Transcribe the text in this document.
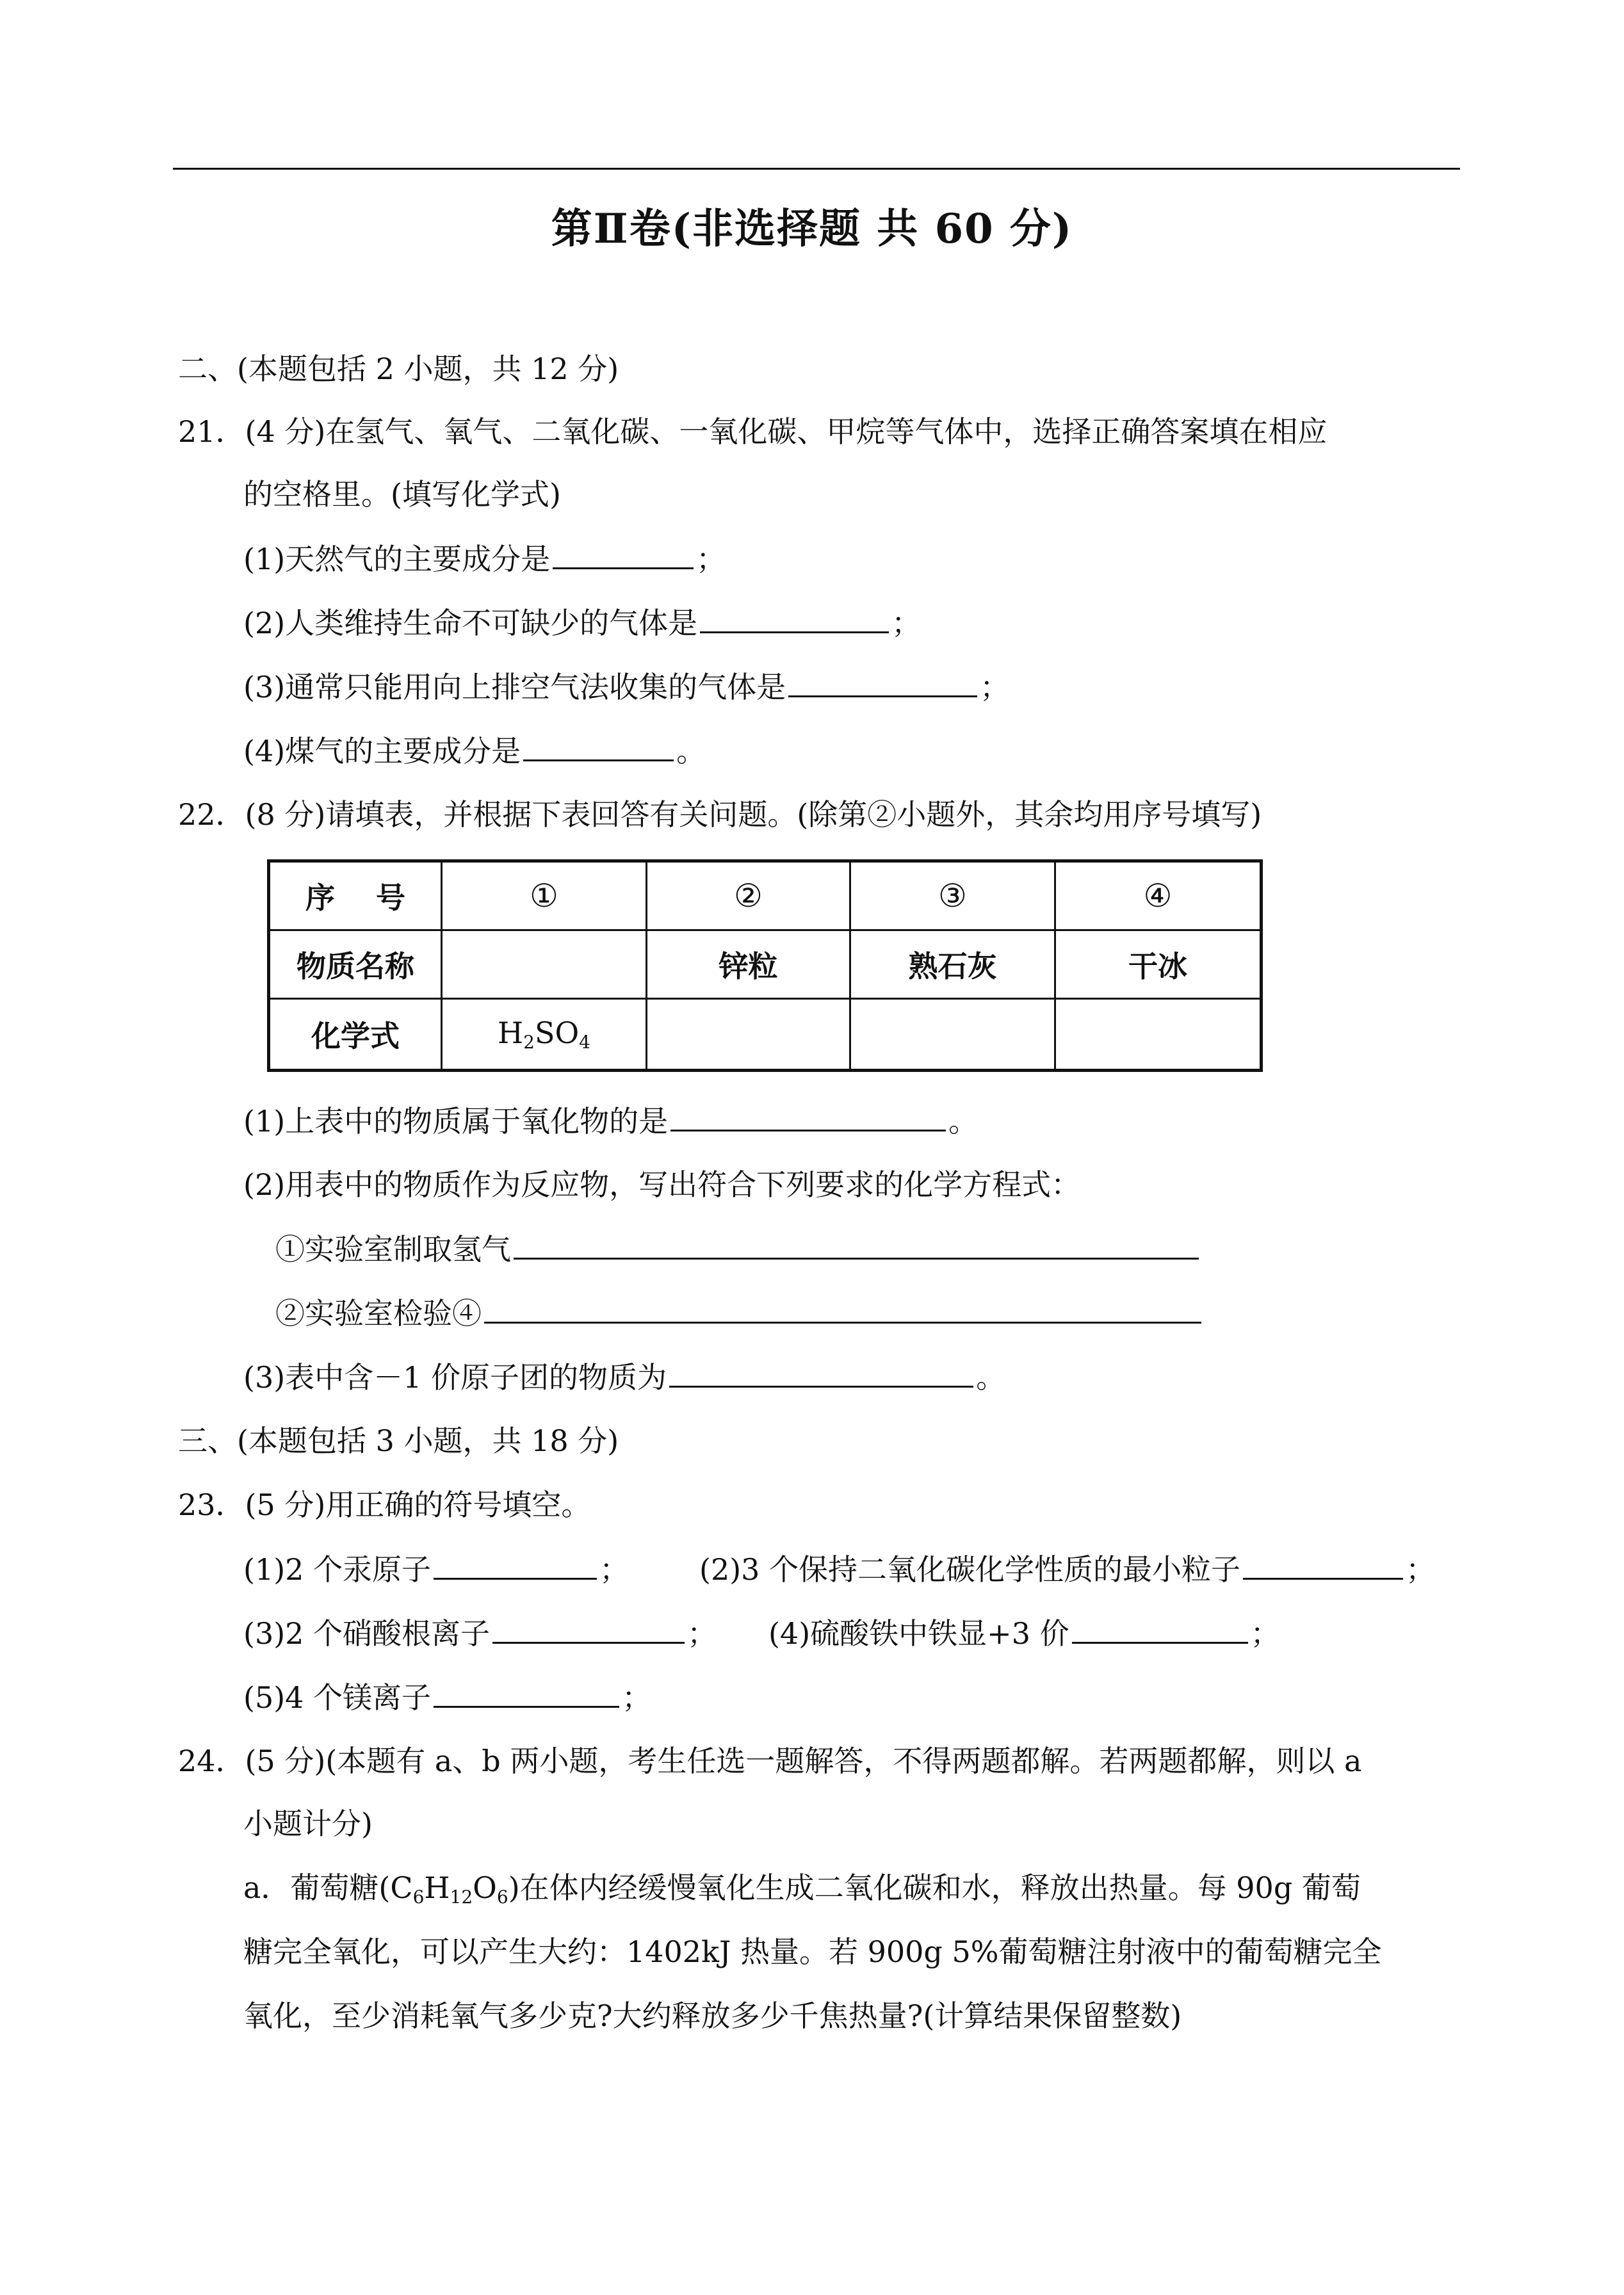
第Ⅱ卷(非选择题 共 60 分)
二、(本题包括 2 小题，共 12 分)
21．(4 分)在氢气、氧气、二氧化碳、一氧化碳、甲烷等气体中，选择正确答案填在相应
的空格里。(填写化学式)
(1)天然气的主要成分是	；
(2)人类维持生命不可缺少的气体是	；
(3)通常只能用向上排空气法收集的气体是	；
(4)煤气的主要成分是	。
22．(8 分)请填表，并根据下表回答有关问题。(除第②小题外，其余均用序号填写)
序    号	①	②	③	④
物质名称		锌粒	熟石灰	干冰
化学式	$H_2SO_4$			
(1)上表中的物质属于氧化物的是	。
(2)用表中的物质作为反应物，写出符合下列要求的化学方程式：
①实验室制取氢气
②实验室检验④
(3)表中含－1 价原子团的物质为	。
三、(本题包括 3 小题，共 18 分)
23．(5 分)用正确的符号填空。
(1)2 个汞原子	； (2)3 个保持二氧化碳化学性质的最小粒子	；
(3)2 个硝酸根离子	； (4)硫酸铁中铁显+3 价	；
(5)4 个镁离子	；
24．(5 分)(本题有 a、b 两小题，考生任选一题解答，不得两题都解。若两题都解，则以 a
小题计分)
a．葡萄糖$(C_6H_{12}O_6)$在体内经缓慢氧化生成二氧化碳和水，释放出热量。每 90g 葡萄
糖完全氧化，可以产生大约：1402kJ 热量。若 900g 5%葡萄糖注射液中的葡萄糖完全
氧化，至少消耗氧气多少克?大约释放多少千焦热量?(计算结果保留整数)
